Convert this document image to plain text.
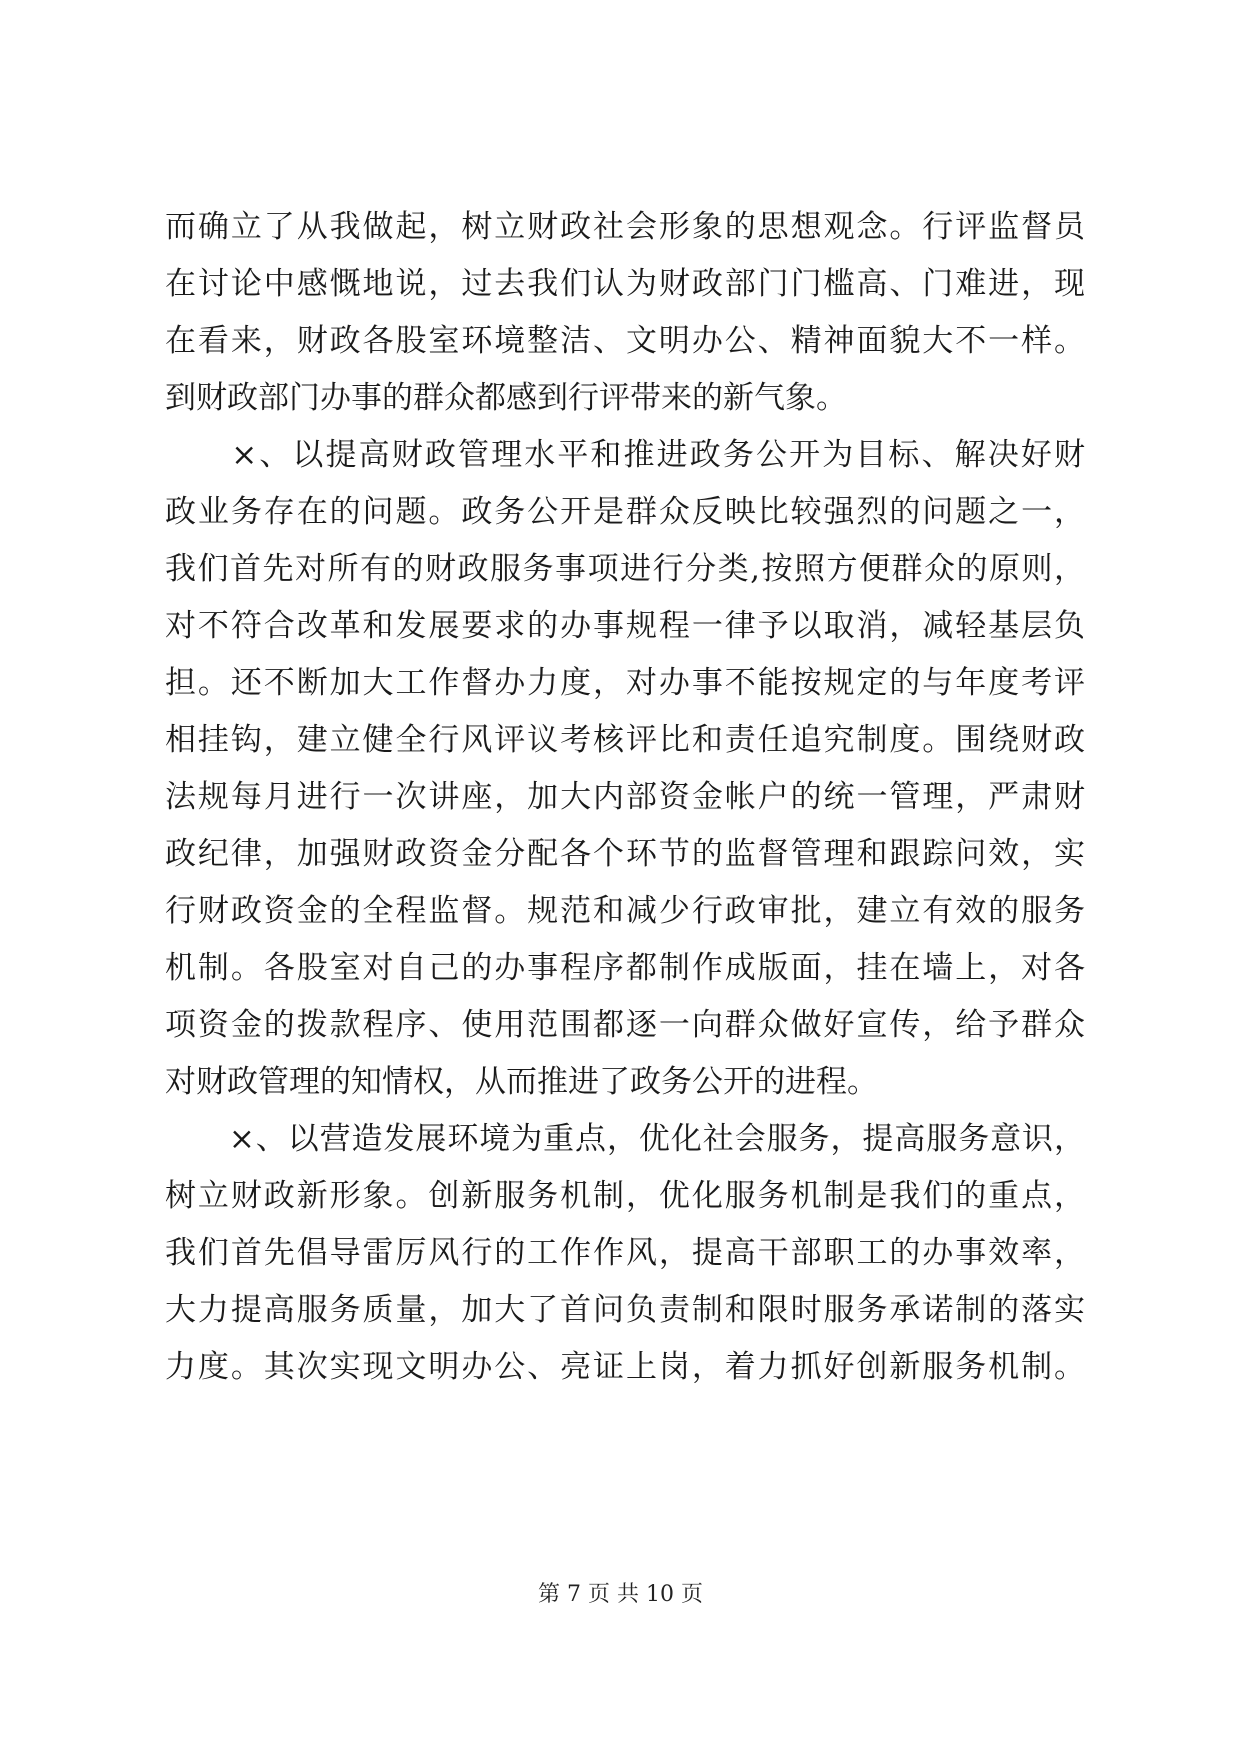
而确立了从我做起，树立财政社会形象的思想观念。行评监督员
在讨论中感慨地说，过去我们认为财政部门门槛高、门难进，现
在看来，财政各股室环境整洁、文明办公、精神面貌大不一样。
到财政部门办事的群众都感到行评带来的新气象。
　　×、以提高财政管理水平和推进政务公开为目标、解决好财
政业务存在的问题。政务公开是群众反映比较强烈的问题之一，
我们首先对所有的财政服务事项进行分类,按照方便群众的原则，
对不符合改革和发展要求的办事规程一律予以取消，减轻基层负
担。还不断加大工作督办力度，对办事不能按规定的与年度考评
相挂钩，建立健全行风评议考核评比和责任追究制度。围绕财政
法规每月进行一次讲座，加大内部资金帐户的统一管理，严肃财
政纪律，加强财政资金分配各个环节的监督管理和跟踪问效，实
行财政资金的全程监督。规范和减少行政审批，建立有效的服务
机制。各股室对自己的办事程序都制作成版面，挂在墙上，对各
项资金的拨款程序、使用范围都逐一向群众做好宣传，给予群众
对财政管理的知情权，从而推进了政务公开的进程。
　　×、以营造发展环境为重点，优化社会服务，提高服务意识，
树立财政新形象。创新服务机制，优化服务机制是我们的重点，
我们首先倡导雷厉风行的工作作风，提高干部职工的办事效率，
大力提高服务质量，加大了首问负责制和限时服务承诺制的落实
力度。其次实现文明办公、亮证上岗，着力抓好创新服务机制。
第 7 页 共 10 页
